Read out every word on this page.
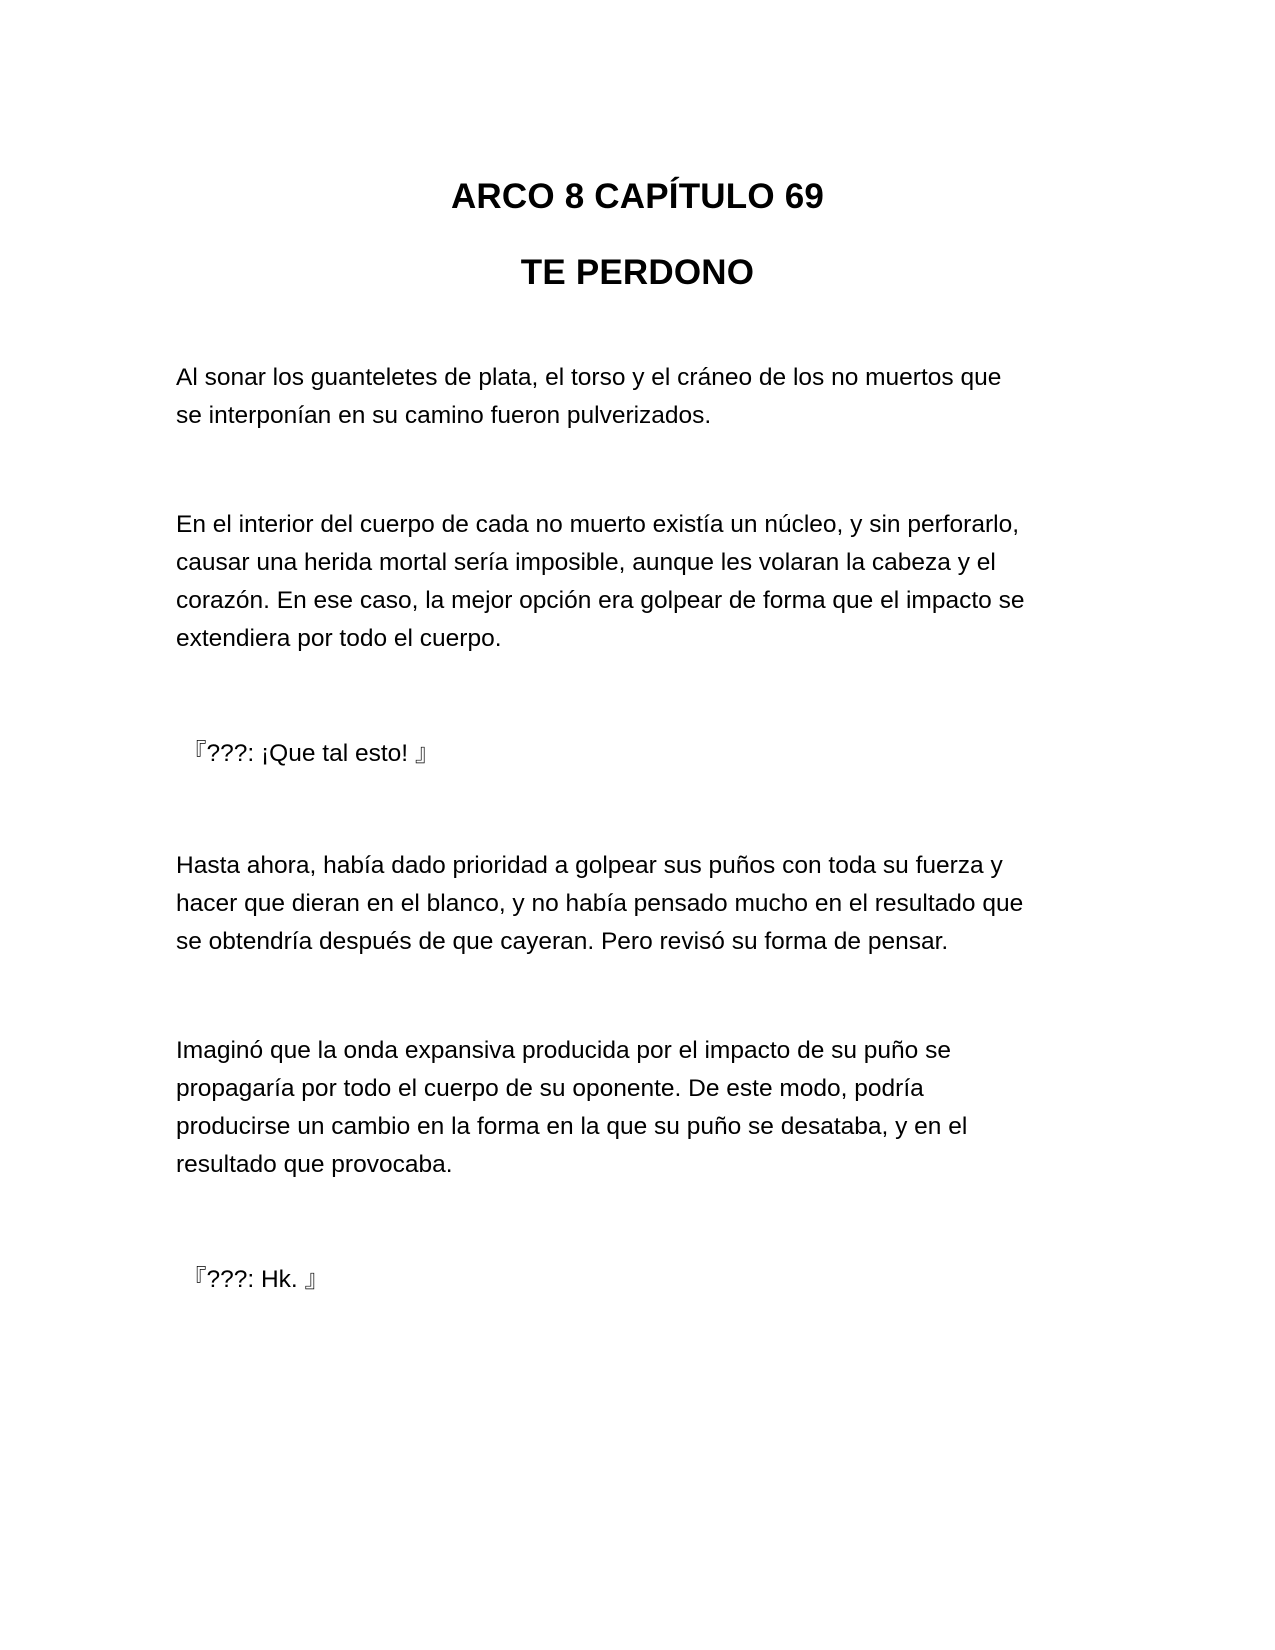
ARCO 8 CAPÍTULO 69
TE PERDONO

Al sonar los guanteletes de plata, el torso y el cráneo de los no muertos que
se interponían en su camino fueron pulverizados.

En el interior del cuerpo de cada no muerto existía un núcleo, y sin perforarlo,
causar una herida mortal sería imposible, aunque les volaran la cabeza y el
corazón. En ese caso, la mejor opción era golpear de forma que el impacto se
extendiera por todo el cuerpo.

『???: ¡Que tal esto! 』

Hasta ahora, había dado prioridad a golpear sus puños con toda su fuerza y
hacer que dieran en el blanco, y no había pensado mucho en el resultado que
se obtendría después de que cayeran. Pero revisó su forma de pensar.

Imaginó que la onda expansiva producida por el impacto de su puño se
propagaría por todo el cuerpo de su oponente. De este modo, podría
producirse un cambio en la forma en la que su puño se desataba, y en el
resultado que provocaba.

『???: Hk. 』
